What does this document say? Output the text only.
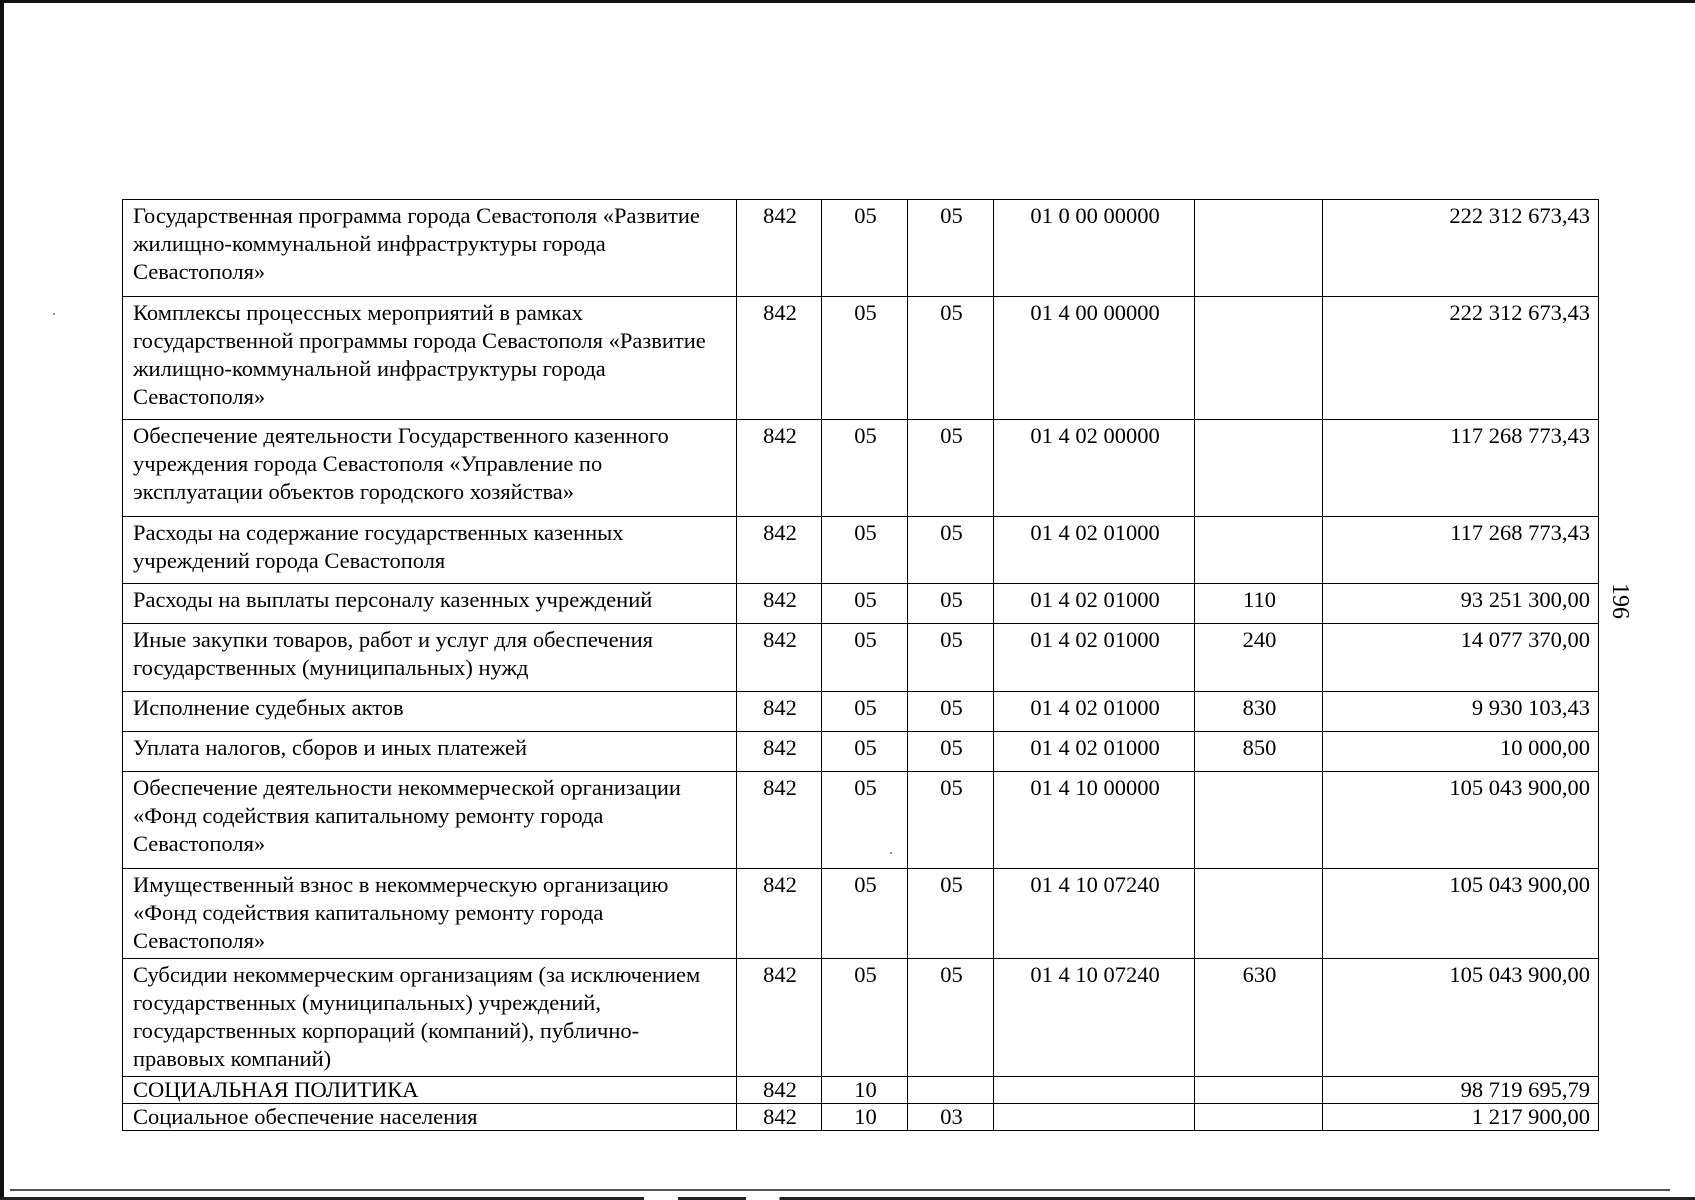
196
Государственная программа города Севастополя «Развитие жилищно-коммунальной инфраструктуры города Севастополя»	842	05	05	01 0 00 00000		222 312 673,43
Комплексы процессных мероприятий в рамках государственной программы города Севастополя «Развитие жилищно-коммунальной инфраструктуры города Севастополя»	842	05	05	01 4 00 00000		222 312 673,43
Обеспечение деятельности Государственного казенного учреждения города Севастополя «Управление по эксплуатации объектов городского хозяйства»	842	05	05	01 4 02 00000		117 268 773,43
Расходы на содержание государственных казенных учреждений города Севастополя	842	05	05	01 4 02 01000		117 268 773,43
Расходы на выплаты персоналу казенных учреждений	842	05	05	01 4 02 01000	110	93 251 300,00
Иные закупки товаров, работ и услуг для обеспечения государственных (муниципальных) нужд	842	05	05	01 4 02 01000	240	14 077 370,00
Исполнение судебных актов	842	05	05	01 4 02 01000	830	9 930 103,43
Уплата налогов, сборов и иных платежей	842	05	05	01 4 02 01000	850	10 000,00
Обеспечение деятельности некоммерческой организации «Фонд содействия капитальному ремонту города Севастополя»	842	05	05	01 4 10 00000		105 043 900,00
Имущественный взнос в некоммерческую организацию «Фонд содействия капитальному ремонту города Севастополя»	842	05	05	01 4 10 07240		105 043 900,00
Субсидии некоммерческим организациям (за исключением государственных (муниципальных) учреждений, государственных корпораций (компаний), публично-правовых компаний)	842	05	05	01 4 10 07240	630	105 043 900,00
СОЦИАЛЬНАЯ ПОЛИТИКА	842	10				98 719 695,79
Социальное обеспечение населения	842	10	03			1 217 900,00
